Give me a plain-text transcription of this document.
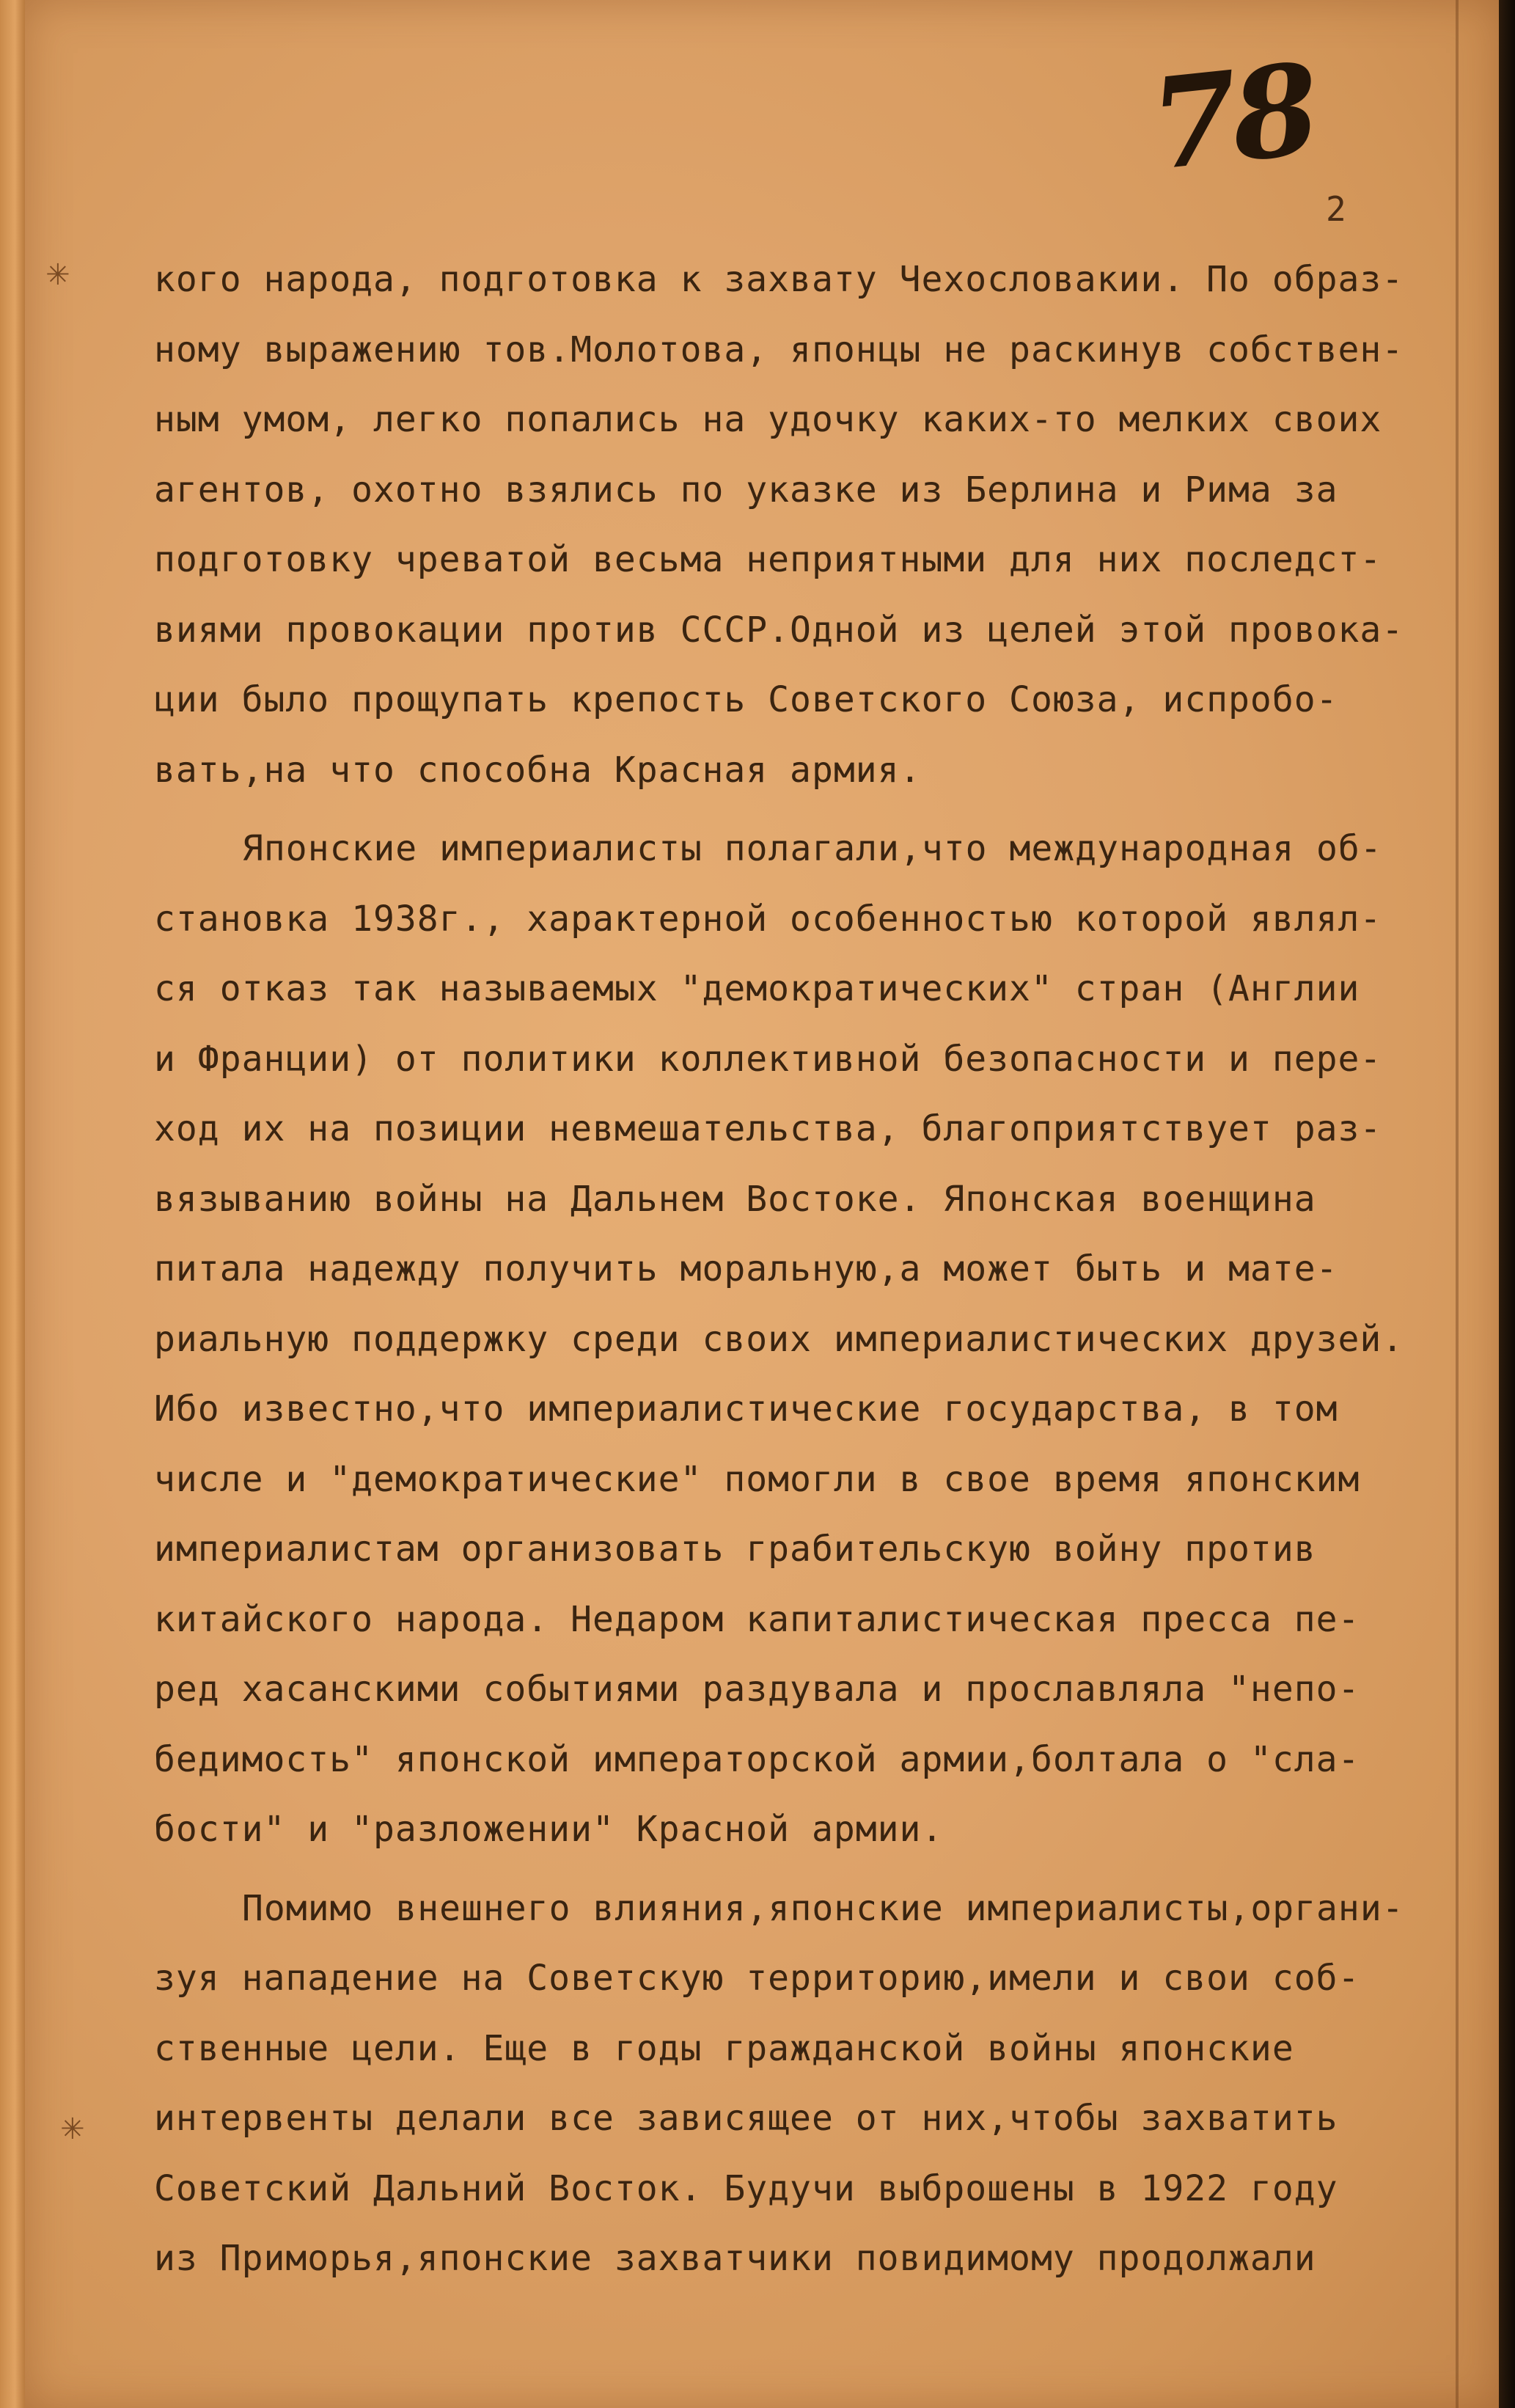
✳
✳
78
2
кого народа, подготовка к захвату Чехословакии. По образ-
ному выражению тов.Молотова, японцы не раскинув собствен-
ным умом, легко попались на удочку каких-то мелких своих
агентов, охотно взялись по указке из Берлина и Рима за
подготовку чреватой весьма неприятными для них последст-
виями провокации против СССР.Одной из целей этой провока-
ции было прощупать крепость Советского Союза, испробо-
вать,на что способна Красная армия.
Японские империалисты полагали,что международная об-
становка 1938г., характерной особенностью которой являл-
ся отказ так называемых "демократических" стран (Англии
и Франции) от политики коллективной безопасности и пере-
ход их на позиции невмешательства, благоприятствует раз-
вязыванию войны на Дальнем Востоке. Японская военщина
питала надежду получить моральную,а может быть и мате-
риальную поддержку среди своих империалистических друзей.
Ибо известно,что империалистические государства, в том
числе и "демократические" помогли в свое время японским
империалистам организовать грабительскую войну против
китайского народа. Недаром капиталистическая пресса пе-
ред хасанскими событиями раздувала и прославляла "непо-
бедимость" японской императорской армии,болтала о "сла-
бости" и "разложении" Красной армии.
Помимо внешнего влияния,японские империалисты,органи-
зуя нападение на Советскую территорию,имели и свои соб-
ственные цели. Еще в годы гражданской войны японские
интервенты делали все зависящее от них,чтобы захватить
Советский Дальний Восток. Будучи выброшены в 1922 году
из Приморья,японские захватчики повидимому продолжали
